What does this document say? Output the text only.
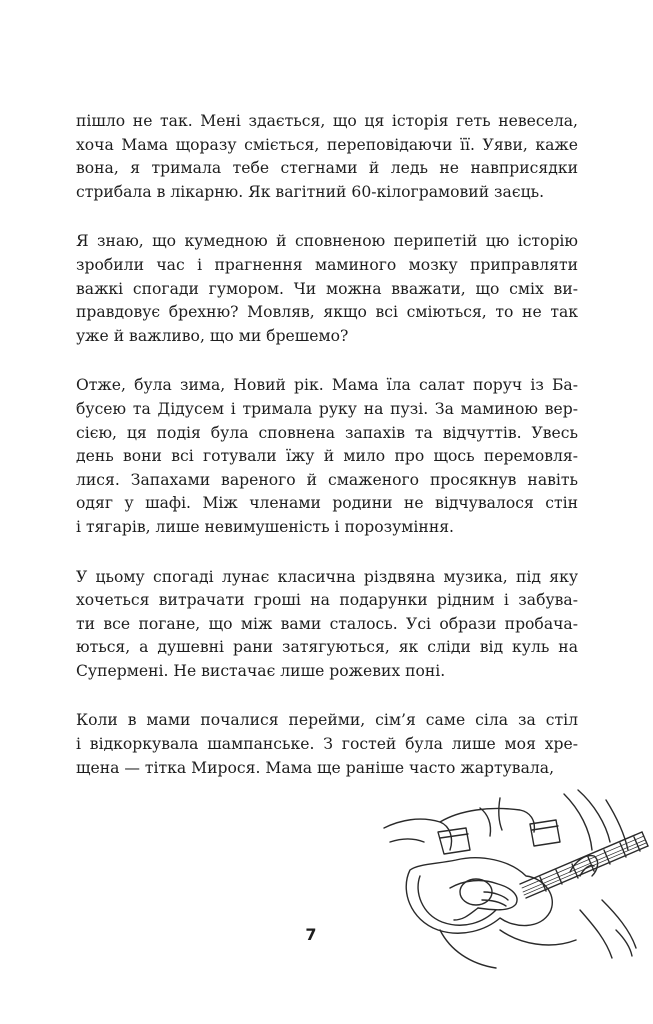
пішло не так. Мені здається, що ця історія геть невесела,
хоча Мама щоразу сміється, переповідаючи її. Уяви, каже
вона, я тримала тебе стегнами й ледь не навприсядки
стрибала в лікарню. Як вагітний 60-кілограмовий заєць.
Я знаю, що кумедною й сповненою перипетій цю історію
зробили час і прагнення маминого мозку приправляти
важкі спогади гумором. Чи можна вважати, що сміх ви-
правдовує брехню? Мовляв, якщо всі сміються, то не так
уже й важливо, що ми брешемо?
Отже, була зима, Новий рік. Мама їла салат поруч із Ба-
бусею та Дідусем і тримала руку на пузі. За маминою вер-
сією, ця подія була сповнена запахів та відчуттів. Увесь
день вони всі готували їжу й мило про щось перемовля-
лися. Запахами вареного й смаженого просякнув навіть
одяг у шафі. Між членами родини не відчувалося стін
і тягарів, лише невимушеність і порозуміння.
У цьому спогаді лунає класична різдвяна музика, під яку
хочеться витрачати гроші на подарунки рідним і забува-
ти все погане, що між вами сталось. Усі образи пробача-
ються, а душевні рани затягуються, як сліди від куль на
Супермені. Не вистачає лише рожевих поні.
Коли в мами почалися перейми, сім’я саме сіла за стіл
і відкоркувала шампанське. З гостей була лише моя хре-
щена — тітка Мирося. Мама ще раніше часто жартувала,
7
